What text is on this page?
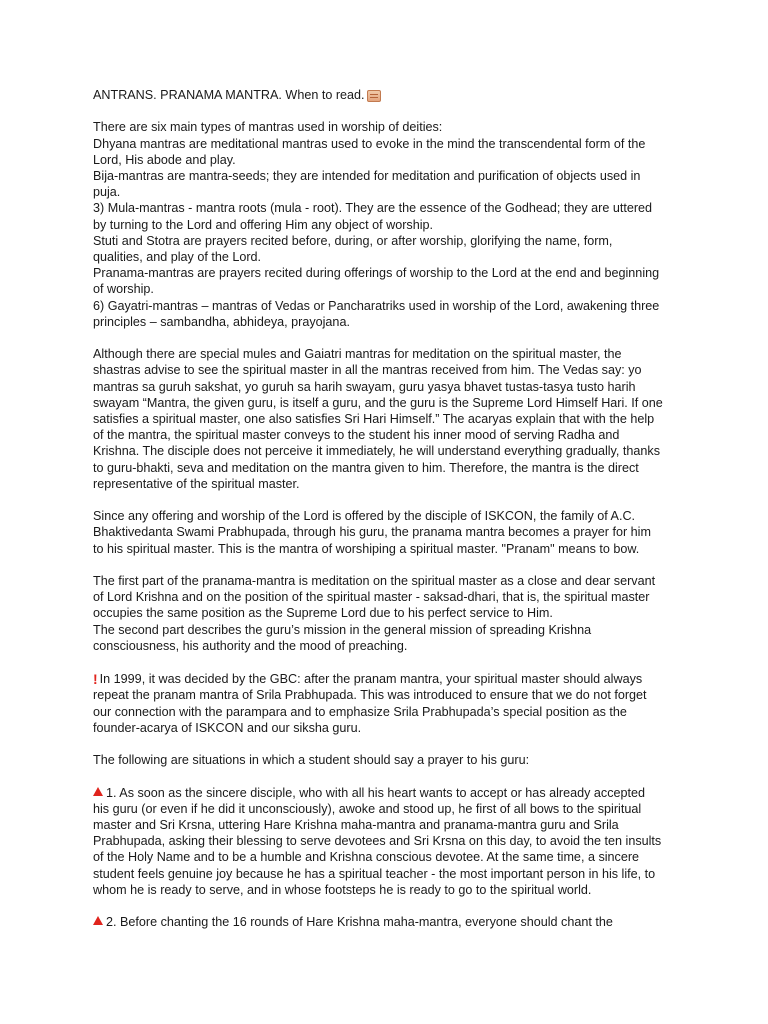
ANTRANS. PRANAMA MANTRA. When to read.

There are six main types of mantras used in worship of deities:

Dhyana mantras are meditational mantras used to evoke in the mind the transcendental form of the

Lord, His abode and play.

Bija-mantras are mantra-seeds; they are intended for meditation and purification of objects used in

puja.

3) Mula-mantras - mantra roots (mula - root). They are the essence of the Godhead; they are uttered

by turning to the Lord and offering Him any object of worship.

Stuti and Stotra are prayers recited before, during, or after worship, glorifying the name, form,

qualities, and play of the Lord.

Pranama-mantras are prayers recited during offerings of worship to the Lord at the end and beginning

of worship.

6) Gayatri-mantras – mantras of Vedas or Pancharatriks used in worship of the Lord, awakening three

principles – sambandha, abhideya, prayojana.

Although there are special mules and Gaiatri mantras for meditation on the spiritual master, the

shastras advise to see the spiritual master in all the mantras received from him. The Vedas say: yo

mantras sa guruh sakshat, yo guruh sa harih swayam, guru yasya bhavet tustas-tasya tusto harih

swayam “Mantra, the given guru, is itself a guru, and the guru is the Supreme Lord Himself Hari. If one

satisfies a spiritual master, one also satisfies Sri Hari Himself.” The acaryas explain that with the help

of the mantra, the spiritual master conveys to the student his inner mood of serving Radha and

Krishna. The disciple does not perceive it immediately, he will understand everything gradually, thanks

to guru-bhakti, seva and meditation on the mantra given to him. Therefore, the mantra is the direct

representative of the spiritual master.

Since any offering and worship of the Lord is offered by the disciple of ISKCON, the family of A.C.

Bhaktivedanta Swami Prabhupada, through his guru, the pranama mantra becomes a prayer for him

to his spiritual master. This is the mantra of worshiping a spiritual master. "Pranam" means to bow.

The first part of the pranama-mantra is meditation on the spiritual master as a close and dear servant

of Lord Krishna and on the position of the spiritual master - saksad-dhari, that is, the spiritual master

occupies the same position as the Supreme Lord due to his perfect service to Him.

The second part describes the guru’s mission in the general mission of spreading Krishna

consciousness, his authority and the mood of preaching.

! In 1999, it was decided by the GBC: after the pranam mantra, your spiritual master should always

repeat the pranam mantra of Srila Prabhupada. This was introduced to ensure that we do not forget

our connection with the parampara and to emphasize Srila Prabhupada’s special position as the

founder-acarya of ISKCON and our siksha guru.

The following are situations in which a student should say a prayer to his guru:

1. As soon as the sincere disciple, who with all his heart wants to accept or has already accepted

his guru (or even if he did it unconsciously), awoke and stood up, he first of all bows to the spiritual

master and Sri Krsna, uttering Hare Krishna maha-mantra and pranama-mantra guru and Srila

Prabhupada, asking their blessing to serve devotees and Sri Krsna on this day, to avoid the ten insults

of the Holy Name and to be a humble and Krishna conscious devotee. At the same time, a sincere

student feels genuine joy because he has a spiritual teacher - the most important person in his life, to

whom he is ready to serve, and in whose footsteps he is ready to go to the spiritual world.

2. Before chanting the 16 rounds of Hare Krishna maha-mantra, everyone should chant the
